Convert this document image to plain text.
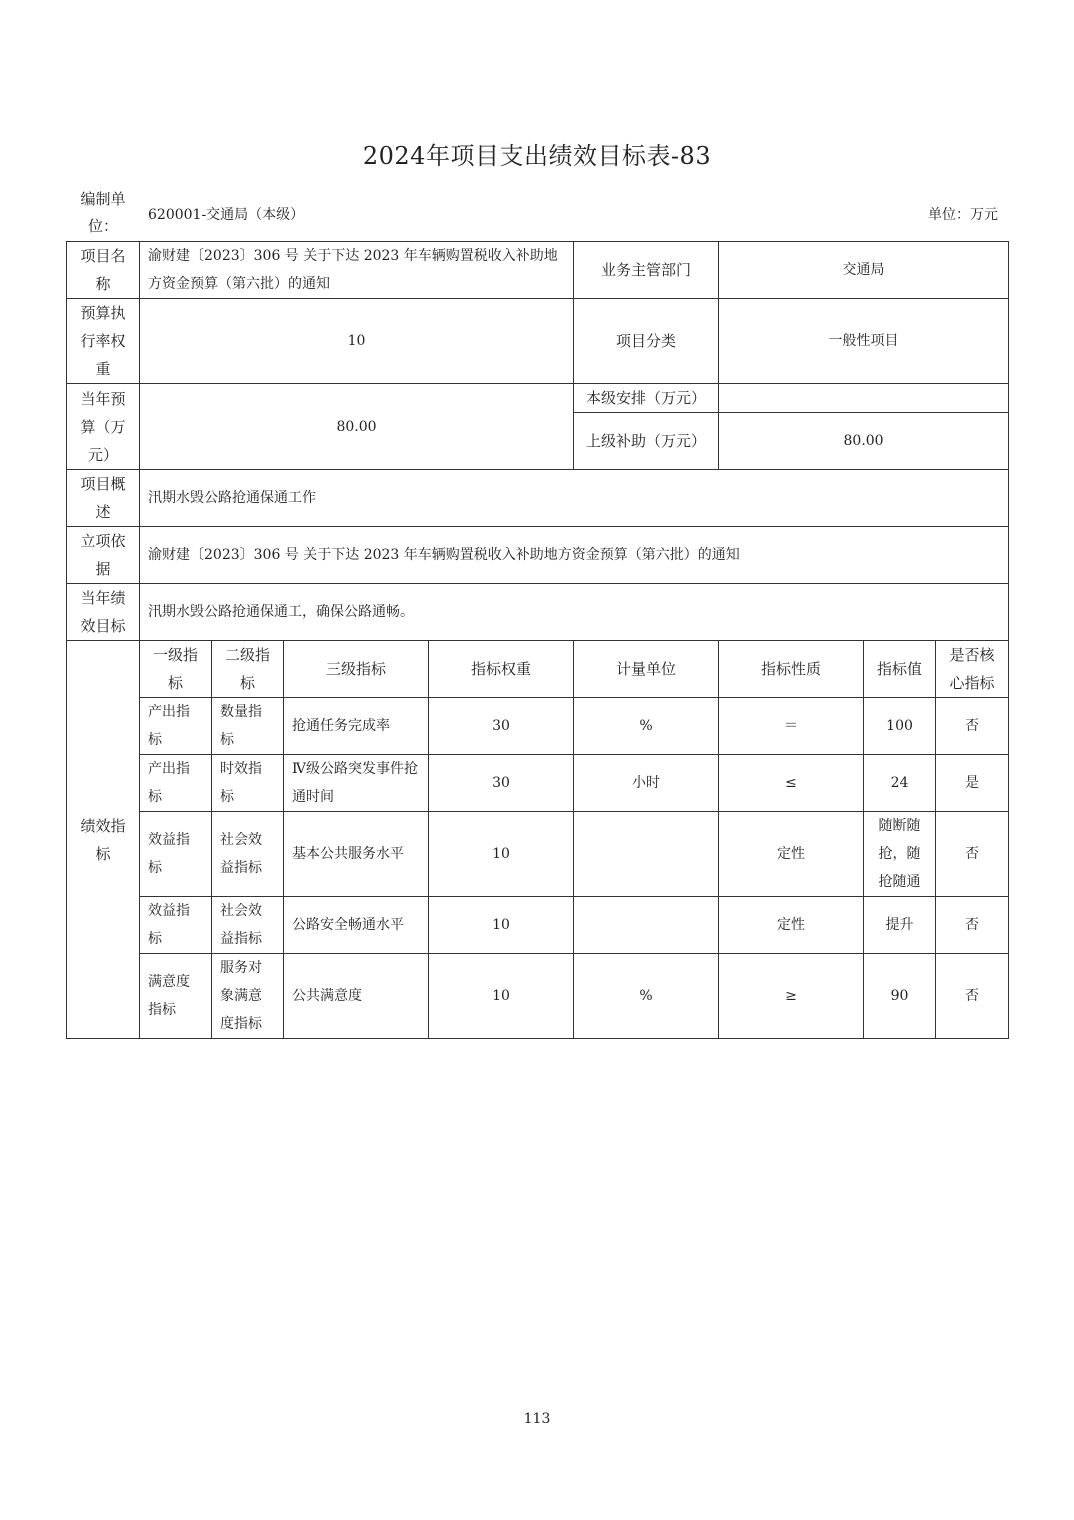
2024年项目支出绩效目标表-83
编制单位：
620001-交通局（本级）	单位：万元
项目名称	渝财建〔2023〕306 号 关于下达 2023 年车辆购置税收入补助地方资金预算（第六批）的通知				业务主管部门	交通局		
预算执行率权重	10				项目分类	一般性项目		
当年预算（万元）	80.00				本级安排（万元）			
					上级补助（万元）	80.00		
项目概述	汛期水毁公路抢通保通工作							
立项依据	渝财建〔2023〕306 号 关于下达 2023 年车辆购置税收入补助地方资金预算（第六批）的通知							
当年绩效目标	汛期水毁公路抢通保通工，确保公路通畅。							
绩效指标	一级指标	二级指标	三级指标	指标权重	计量单位	指标性质	指标值	是否核心指标
	产出指标	数量指标	抢通任务完成率	30	%	＝	100	否
	产出指标	时效指标	Ⅳ级公路突发事件抢通时间	30	小时	≤	24	是
	效益指标	社会效益指标	基本公共服务水平	10		定性	随断随抢，随抢随通	否
	效益指标	社会效益指标	公路安全畅通水平	10		定性	提升	否
	满意度指标	服务对象满意度指标	公共满意度	10	%	≥	90	否
113
